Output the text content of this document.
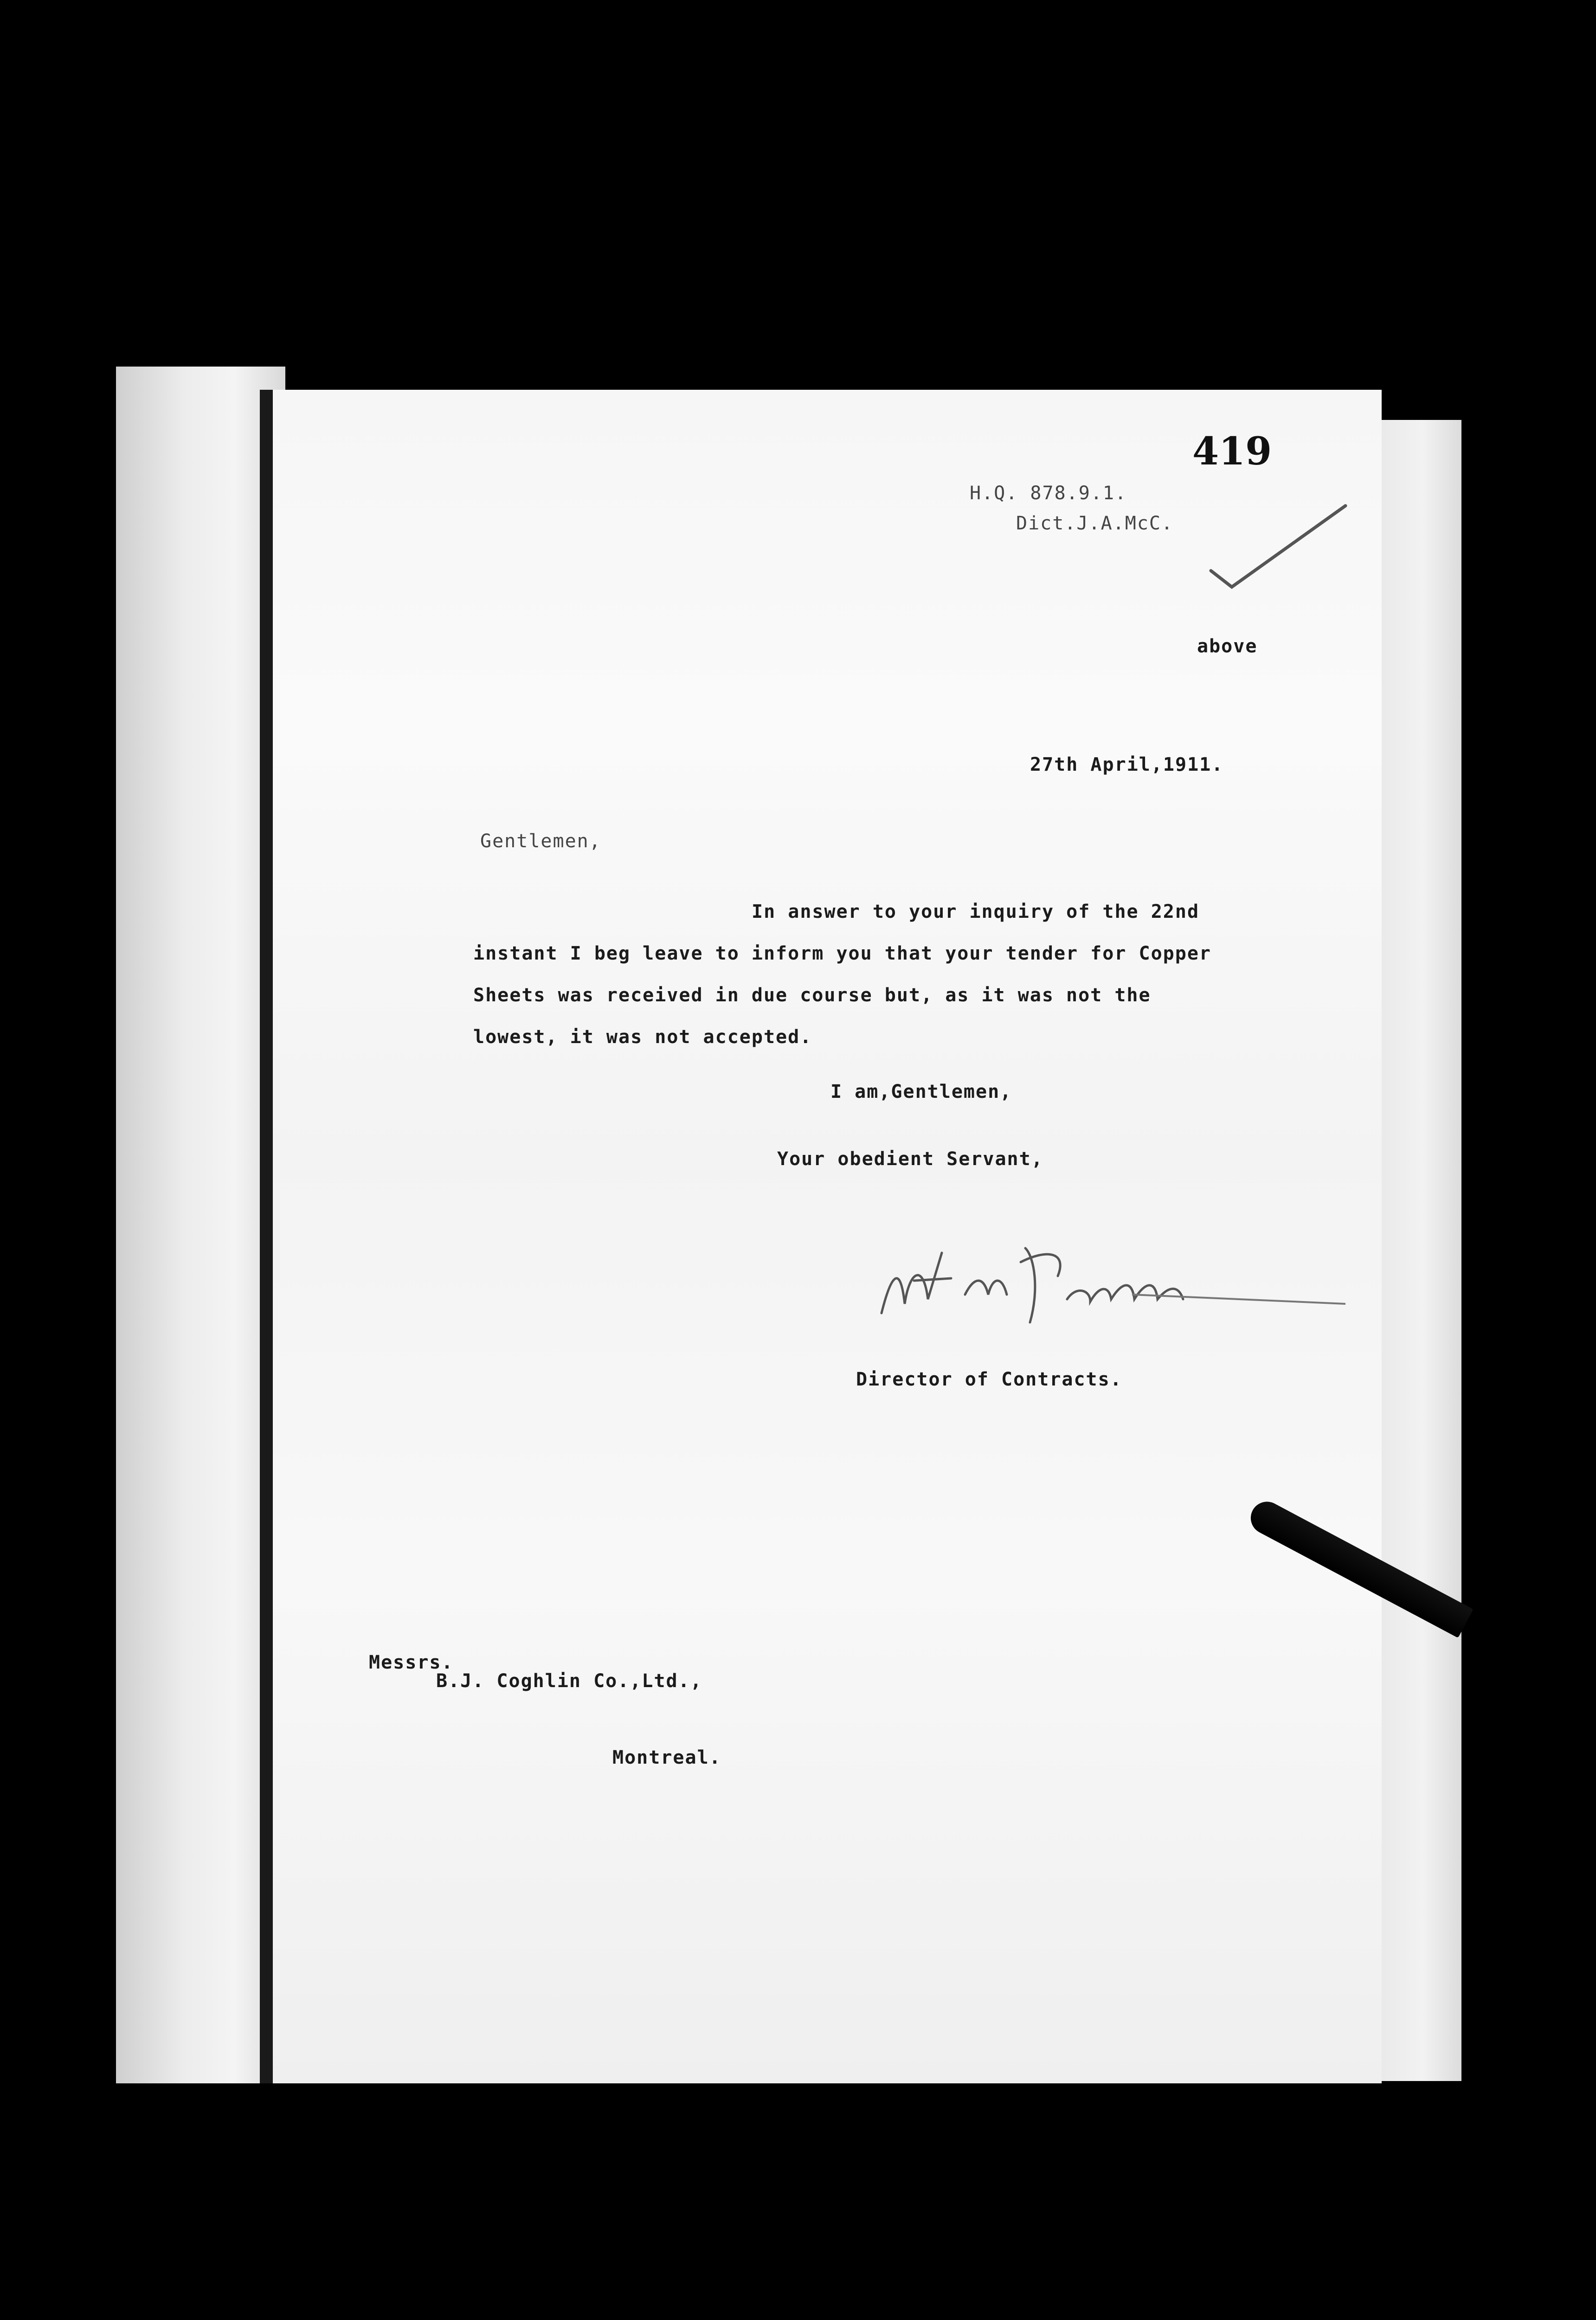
419
H.Q. 878.9.1.
Dict.J.A.McC.
above
27th April,1911.
Gentlemen,
In answer to your inquiry of the 22nd
instant I beg leave to inform you that your tender for Copper
Sheets was received in due course but, as it was not the
lowest, it was not accepted.
I am,Gentlemen,
Your obedient Servant,
Director of Contracts.
Messrs.
B.J. Coghlin Co.,Ltd.,
Montreal.
